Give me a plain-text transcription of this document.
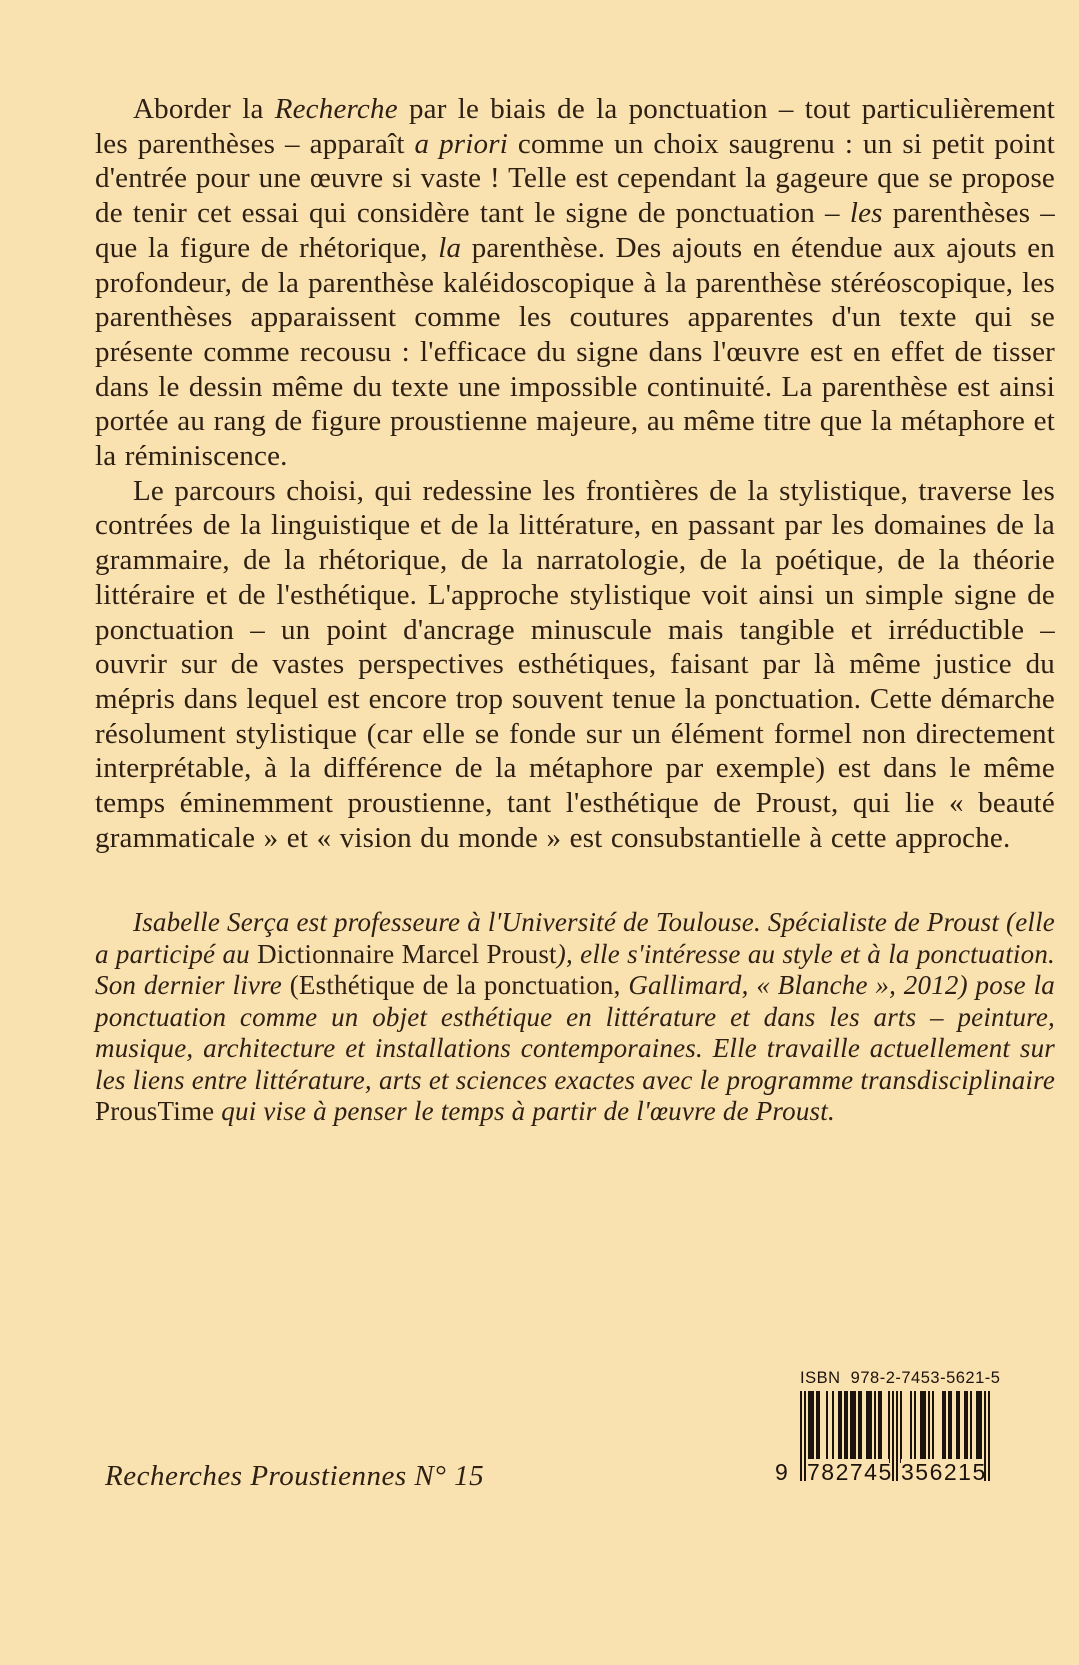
Aborder la Recherche par le biais de la ponctuation – tout particulièrement les parenthèses – apparaît a priori comme un choix saugrenu : un si petit point d'entrée pour une œuvre si vaste ! Telle est cependant la gageure que se propose de tenir cet essai qui considère tant le signe de ponctuation – les parenthèses – que la figure de rhétorique, la parenthèse. Des ajouts en étendue aux ajouts en profondeur, de la parenthèse kaléidoscopique à la parenthèse stéréoscopique, les parenthèses apparaissent comme les coutures apparentes d'un texte qui se présente comme recousu : l'efficace du signe dans l'œuvre est en effet de tisser dans le dessin même du texte une impossible continuité. La parenthèse est ainsi portée au rang de figure proustienne majeure, au même titre que la métaphore et la réminiscence.

Le parcours choisi, qui redessine les frontières de la stylistique, traverse les contrées de la linguistique et de la littérature, en passant par les domaines de la grammaire, de la rhétorique, de la narratologie, de la poétique, de la théorie littéraire et de l'esthétique. L'approche stylistique voit ainsi un simple signe de ponctuation – un point d'ancrage minuscule mais tangible et irréductible – ouvrir sur de vastes perspectives esthétiques, faisant par là même justice du mépris dans lequel est encore trop souvent tenue la ponctuation. Cette démarche résolument stylistique (car elle se fonde sur un élément formel non directement interprétable, à la différence de la métaphore par exemple) est dans le même temps éminemment proustienne, tant l'esthétique de Proust, qui lie « beauté grammaticale » et « vision du monde » est consubstantielle à cette approche.

Isabelle Serça est professeure à l'Université de Toulouse. Spécialiste de Proust (elle a participé au Dictionnaire Marcel Proust), elle s'intéresse au style et à la ponctuation. Son dernier livre (Esthétique de la ponctuation, Gallimard, « Blanche », 2012) pose la ponctuation comme un objet esthétique en littérature et dans les arts – peinture, musique, architecture et installations contemporaines. Elle travaille actuellement sur les liens entre littérature, arts et sciences exactes avec le programme transdisciplinaire ProusTime qui vise à penser le temps à partir de l'œuvre de Proust.

Recherches Proustiennes N° 15
ISBN  978-2-7453-5621-5
9 782745 356215
